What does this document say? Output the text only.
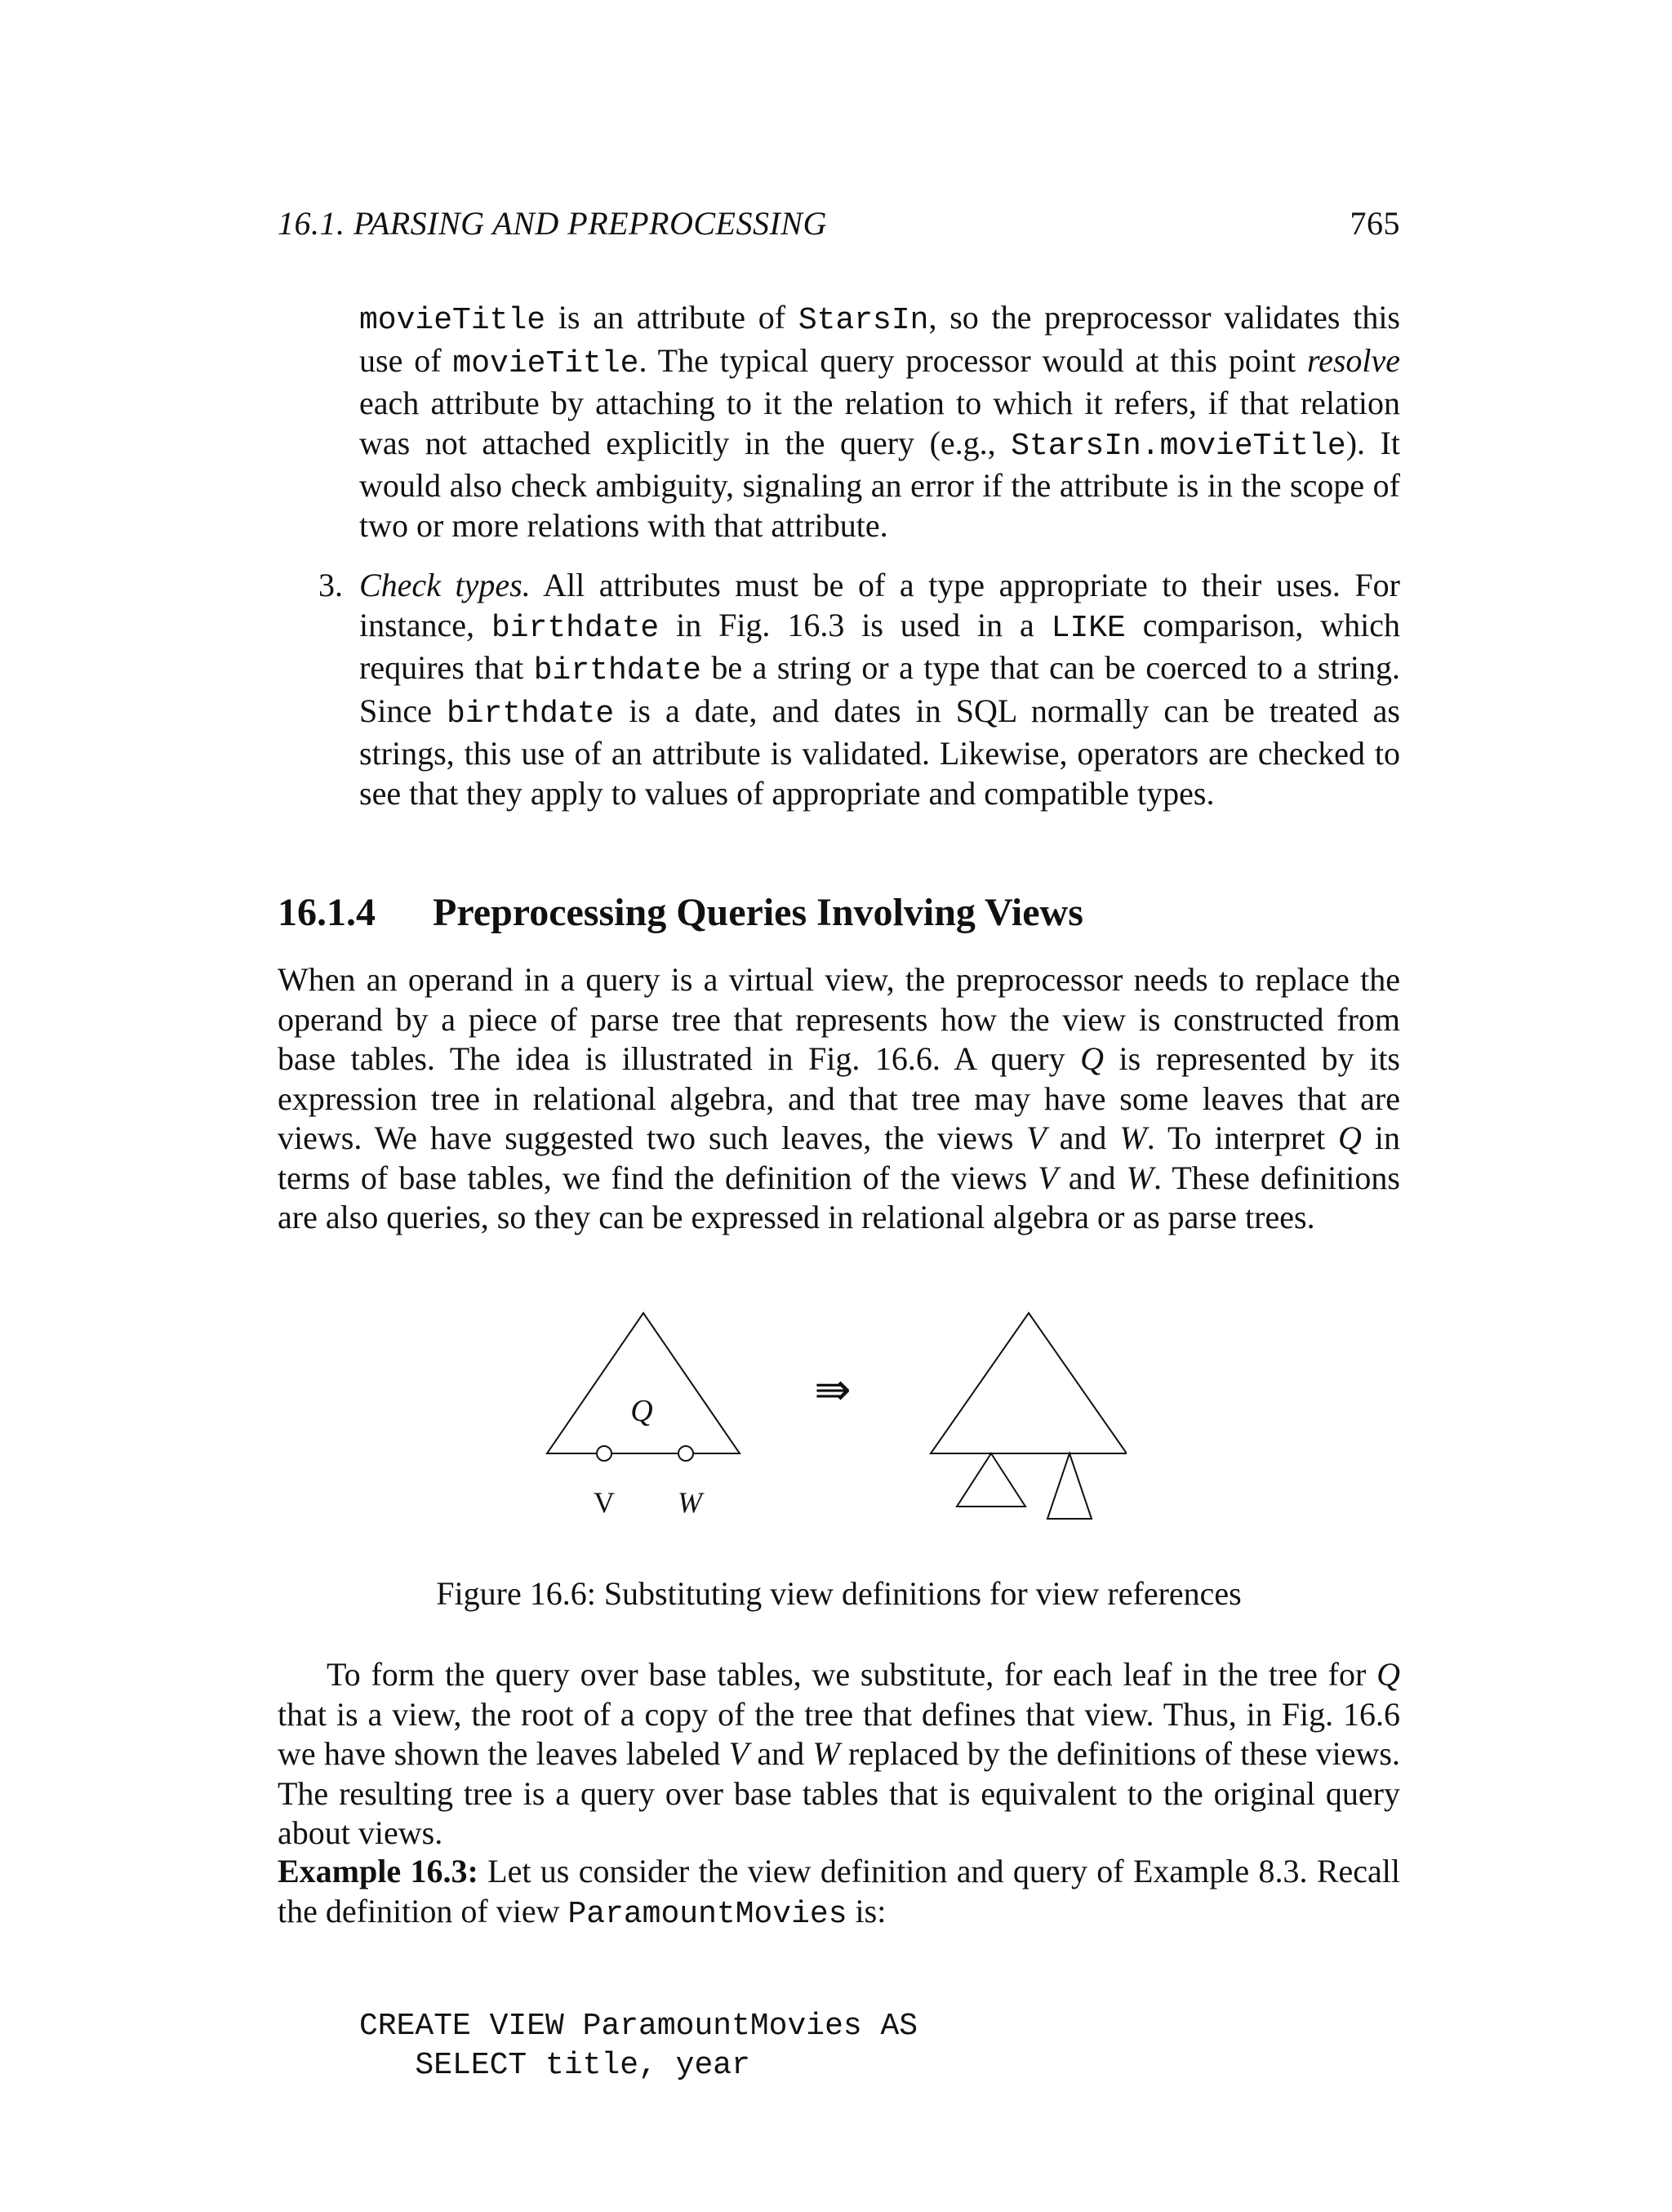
16.1. PARSING AND PREPROCESSING	765

movieTitle is an attribute of StarsIn, so the preprocessor validates this use of movieTitle. The typical query processor would at this point resolve each attribute by attaching to it the relation to which it refers, if that relation was not attached explicitly in the query (e.g., StarsIn.movieTitle). It would also check ambiguity, signaling an error if the attribute is in the scope of two or more relations with that attribute.

3. Check types. All attributes must be of a type appropriate to their uses. For instance, birthdate in Fig. 16.3 is used in a LIKE comparison, which requires that birthdate be a string or a type that can be coerced to a string. Since birthdate is a date, and dates in SQL normally can be treated as strings, this use of an attribute is validated. Likewise, operators are checked to see that they apply to values of appropriate and compatible types.
16.1.4 Preprocessing Queries Involving Views

When an operand in a query is a virtual view, the preprocessor needs to replace the operand by a piece of parse tree that represents how the view is constructed from base tables. The idea is illustrated in Fig. 16.6. A query Q is represented by its expression tree in relational algebra, and that tree may have some leaves that are views. We have suggested two such leaves, the views V and W. To interpret Q in terms of base tables, we find the definition of the views V and W. These definitions are also queries, so they can be expressed in relational algebra or as parse trees.

Q
V W
⇛

Figure 16.6: Substituting view definitions for view references

To form the query over base tables, we substitute, for each leaf in the tree for Q that is a view, the root of a copy of the tree that defines that view. Thus, in Fig. 16.6 we have shown the leaves labeled V and W replaced by the definitions of these views. The resulting tree is a query over base tables that is equivalent to the original query about views.

Example 16.3: Let us consider the view definition and query of Example 8.3. Recall the definition of view ParamountMovies is:

CREATE VIEW ParamountMovies AS
SELECT title, year
